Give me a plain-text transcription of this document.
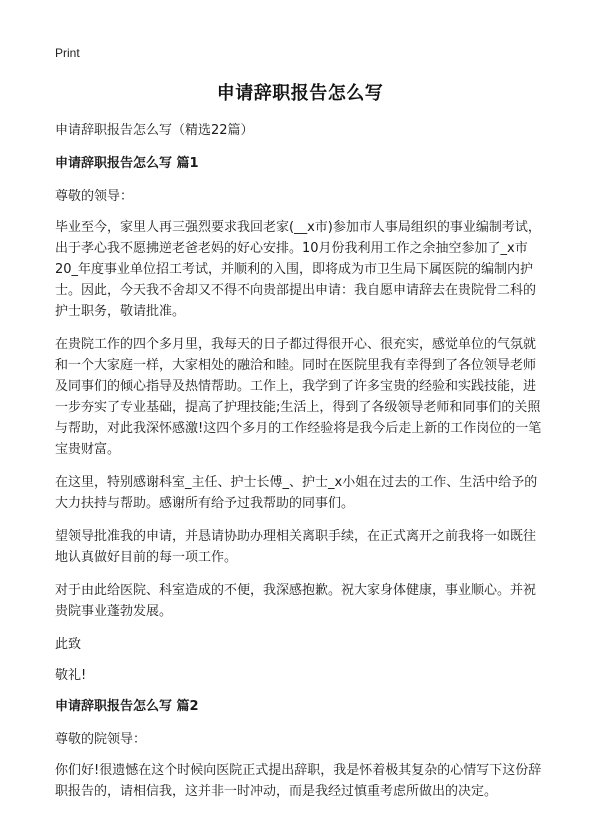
Print
申请辞职报告怎么写

申请辞职报告怎么写（精选22篇）

申请辞职报告怎么写 篇1

尊敬的领导：

毕业至今，家里人再三强烈要求我回老家(__x市)参加市人事局组织的事业编制考试，出于孝心我不愿拂逆老爸老妈的好心安排。10月份我利用工作之余抽空参加了_x市20_年度事业单位招工考试，并顺利的入围，即将成为市卫生局下属医院的编制内护士。因此，今天我不舍却又不得不向贵部提出申请：我自愿申请辞去在贵院骨二科的护士职务，敬请批准。

在贵院工作的四个多月里，我每天的日子都过得很开心、很充实，感觉单位的气氛就和一个大家庭一样，大家相处的融洽和睦。同时在医院里我有幸得到了各位领导老师及同事们的倾心指导及热情帮助。工作上，我学到了许多宝贵的经验和实践技能，进一步夯实了专业基础，提高了护理技能;生活上，得到了各级领导老师和同事们的关照与帮助，对此我深怀感激!这四个多月的工作经验将是我今后走上新的工作岗位的一笔宝贵财富。

在这里，特别感谢科室_主任、护士长傅_、护士_x小姐在过去的工作、生活中给予的大力扶持与帮助。感谢所有给予过我帮助的同事们。

望领导批准我的申请，并恳请协助办理相关离职手续，在正式离开之前我将一如既往地认真做好目前的每一项工作。

对于由此给医院、科室造成的不便，我深感抱歉。祝大家身体健康，事业顺心。并祝贵院事业蓬勃发展。

此致

敬礼!

申请辞职报告怎么写 篇2

尊敬的院领导：

你们好!很遗憾在这个时候向医院正式提出辞职，我是怀着极其复杂的心情写下这份辞职报告的，请相信我，这并非一时冲动，而是我经过慎重考虑所做出的决定。
